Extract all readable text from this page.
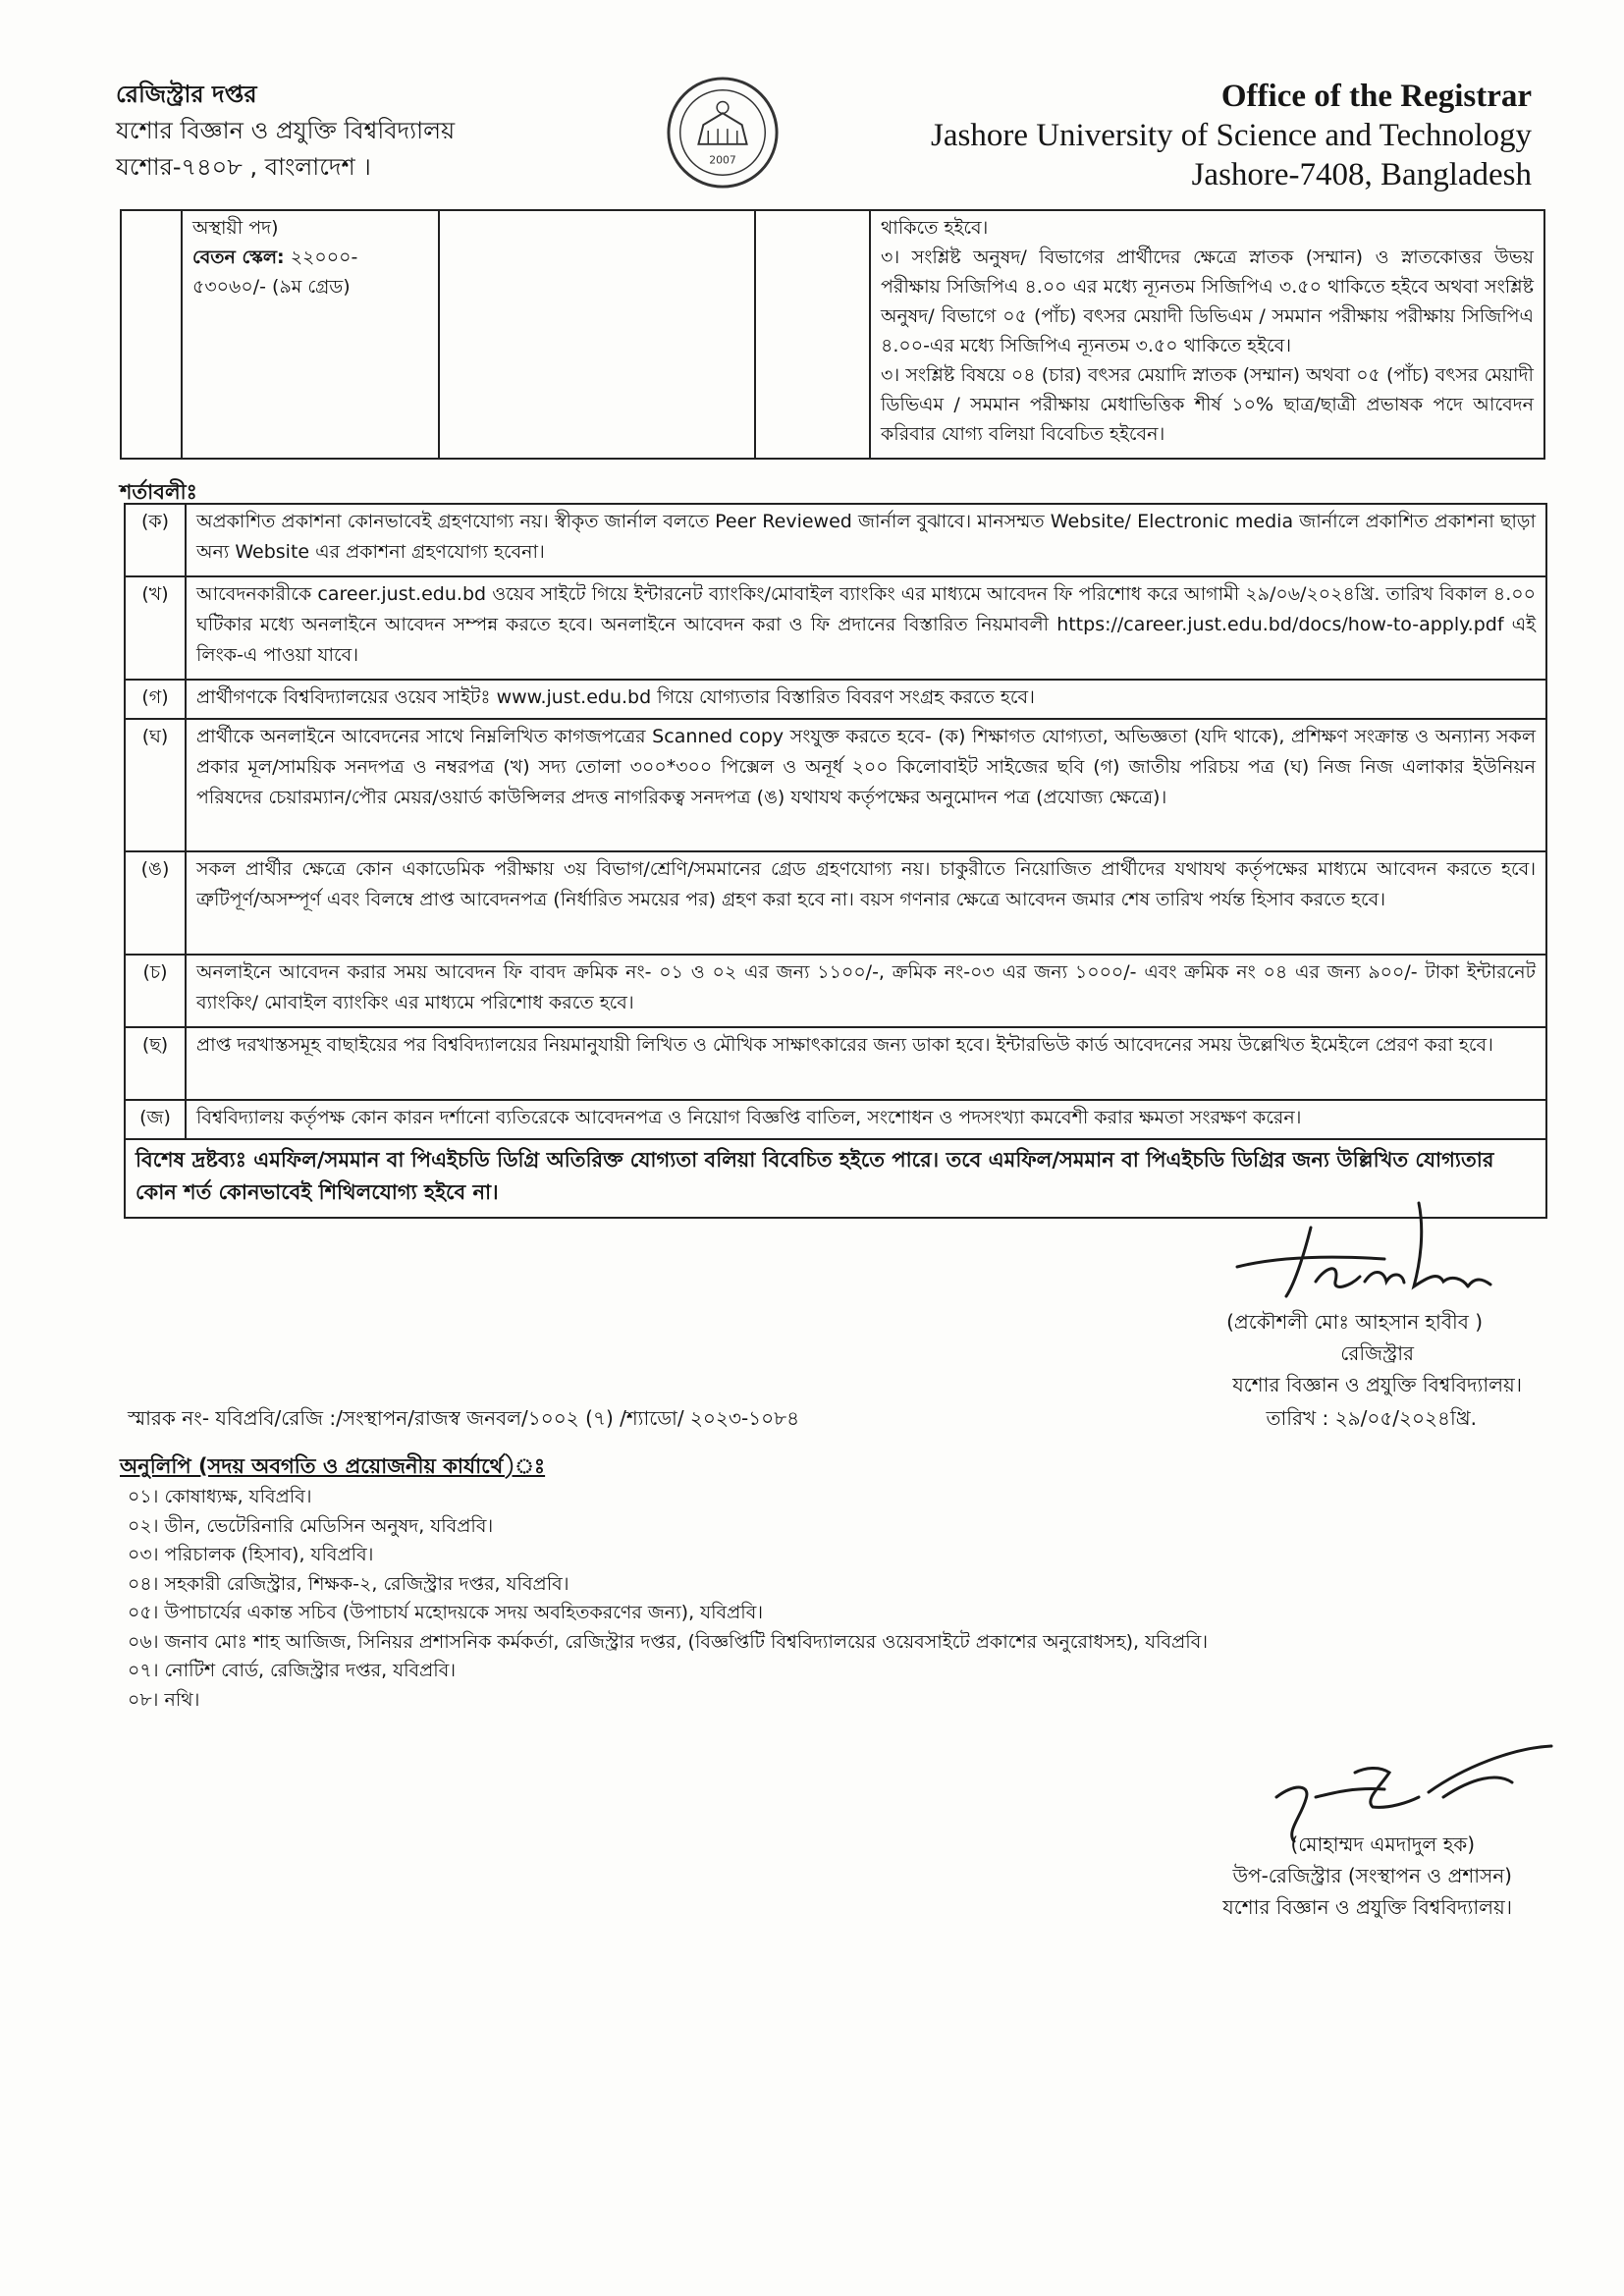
রেজিস্ট্রার দপ্তর
যশোর বিজ্ঞান ও প্রযুক্তি বিশ্ববিদ্যালয়
যশোর-৭৪০৮ , বাংলাদেশ ।	2007
Office of the Registrar
Jashore University of Science and Technology
Jashore-7408, Bangladesh

অস্থায়ী পদ)
বেতন স্কেল: ২২০০০-
৫৩০৬০/- (৯ম গ্রেড)

থাকিতে হইবে।
৩। সংশ্লিষ্ট অনুষদ/ বিভাগের প্রার্থীদের ক্ষেত্রে স্নাতক (সম্মান) ও স্নাতকোত্তর উভয় পরীক্ষায় সিজিপিএ ৪.০০ এর মধ্যে ন্যূনতম সিজিপিএ ৩.৫০ থাকিতে হইবে অথবা সংশ্লিষ্ট অনুষদ/ বিভাগে ০৫ (পাঁচ) বৎসর মেয়াদী ডিভিএম / সমমান পরীক্ষায় পরীক্ষায় সিজিপিএ ৪.০০-এর মধ্যে সিজিপিএ ন্যূনতম ৩.৫০ থাকিতে হইবে।
৩। সংশ্লিষ্ট বিষয়ে ০৪ (চার) বৎসর মেয়াদি স্নাতক (সম্মান) অথবা ০৫ (পাঁচ) বৎসর মেয়াদী ডিভিএম / সমমান পরীক্ষায় মেধাভিত্তিক শীর্ষ ১০% ছাত্র/ছাত্রী প্রভাষক পদে আবেদন করিবার যোগ্য বলিয়া বিবেচিত হইবেন।
শর্তাবলীঃ
(ক)	অপ্রকাশিত প্রকাশনা কোনভাবেই গ্রহণযোগ্য নয়। স্বীকৃত জার্নাল বলতে Peer Reviewed জার্নাল বুঝাবে। মানসম্মত Website/ Electronic media জার্নালে প্রকাশিত প্রকাশনা ছাড়া অন্য Website এর প্রকাশনা গ্রহণযোগ্য হবেনা।
(খ)	আবেদনকারীকে career.just.edu.bd ওয়েব সাইটে গিয়ে ইন্টারনেট ব্যাংকিং/মোবাইল ব্যাংকিং এর মাধ্যমে আবেদন ফি পরিশোধ করে আগামী ২৯/০৬/২০২৪খ্রি. তারিখ বিকাল ৪.০০ ঘটিকার মধ্যে অনলাইনে আবেদন সম্পন্ন করতে হবে। অনলাইনে আবেদন করা ও ফি প্রদানের বিস্তারিত নিয়মাবলী https://career.just.edu.bd/docs/how-to-apply.pdf এই লিংক-এ পাওয়া যাবে।
(গ)	প্রার্থীগণকে বিশ্ববিদ্যালয়ের ওয়েব সাইটঃ www.just.edu.bd গিয়ে যোগ্যতার বিস্তারিত বিবরণ সংগ্রহ করতে হবে।
(ঘ)	প্রার্থীকে অনলাইনে আবেদনের সাথে নিম্নলিখিত কাগজপত্রের Scanned copy সংযুক্ত করতে হবে- (ক) শিক্ষাগত যোগ্যতা, অভিজ্ঞতা (যদি থাকে), প্রশিক্ষণ সংক্রান্ত ও অন্যান্য সকল প্রকার মূল/সাময়িক সনদপত্র ও নম্বরপত্র (খ) সদ্য তোলা ৩০০*৩০০ পিক্সেল ও অনূর্ধ ২০০ কিলোবাইট সাইজের ছবি (গ) জাতীয় পরিচয় পত্র (ঘ) নিজ নিজ এলাকার ইউনিয়ন পরিষদের চেয়ারম্যান/পৌর মেয়র/ওয়ার্ড কাউন্সিলর প্রদত্ত নাগরিকত্ব সনদপত্র (ঙ) যথাযথ কর্তৃপক্ষের অনুমোদন পত্র (প্রযোজ্য ক্ষেত্রে)।
(ঙ)	সকল প্রার্থীর ক্ষেত্রে কোন একাডেমিক পরীক্ষায় ৩য় বিভাগ/শ্রেণি/সমমানের গ্রেড গ্রহণযোগ্য নয়। চাকুরীতে নিয়োজিত প্রার্থীদের যথাযথ কর্তৃপক্ষের মাধ্যমে আবেদন করতে হবে। ত্রুটিপূর্ণ/অসম্পূর্ণ এবং বিলম্বে প্রাপ্ত আবেদনপত্র (নির্ধারিত সময়ের পর) গ্রহণ করা হবে না। বয়স গণনার ক্ষেত্রে আবেদন জমার শেষ তারিখ পর্যন্ত হিসাব করতে হবে।
(চ)	অনলাইনে আবেদন করার সময় আবেদন ফি বাবদ ক্রমিক নং- ০১ ও ০২ এর জন্য ১১০০/-, ক্রমিক নং-০৩ এর জন্য ১০০০/- এবং ক্রমিক নং ০৪ এর জন্য ৯০০/- টাকা ইন্টারনেট ব্যাংকিং/ মোবাইল ব্যাংকিং এর মাধ্যমে পরিশোধ করতে হবে।
(ছ)	প্রাপ্ত দরখাস্তসমূহ বাছাইয়ের পর বিশ্ববিদ্যালয়ের নিয়মানুযায়ী লিখিত ও মৌখিক সাক্ষাৎকারের জন্য ডাকা হবে। ইন্টারভিউ কার্ড আবেদনের সময় উল্লেখিত ইমেইলে প্রেরণ করা হবে।
(জ)	বিশ্ববিদ্যালয় কর্তৃপক্ষ কোন কারন দর্শানো ব্যতিরেকে আবেদনপত্র ও নিয়োগ বিজ্ঞপ্তি বাতিল, সংশোধন ও পদসংখ্যা কমবেশী করার ক্ষমতা সংরক্ষণ করেন।
বিশেষ দ্রষ্টব্যঃ এমফিল/সমমান বা পিএইচডি ডিগ্রি অতিরিক্ত যোগ্যতা বলিয়া বিবেচিত হইতে পারে। তবে এমফিল/সমমান বা পিএইচডি ডিগ্রির জন্য উল্লিখিত যোগ্যতার কোন শর্ত কোনভাবেই শিথিলযোগ্য হইবে না।	
(প্রকৌশলী মোঃ আহসান হাবীব )
রেজিস্ট্রার
যশোর বিজ্ঞান ও প্রযুক্তি বিশ্ববিদ্যালয়।
স্মারক নং- যবিপ্রবি/রেজি :/সংস্থাপন/রাজস্ব জনবল/১০০২ (৭) /শ্যাডো/ ২০২৩-১০৮৪	তারিখ : ২৯/০৫/২০২৪খ্রি.
অনুলিপি (সদয় অবগতি ও প্রয়োজনীয় কার্যার্থে)ঃ
০১। কোষাধ্যক্ষ, যবিপ্রবি।
০২। ডীন, ভেটেরিনারি মেডিসিন অনুষদ, যবিপ্রবি।
০৩। পরিচালক (হিসাব), যবিপ্রবি।
০৪। সহকারী রেজিস্ট্রার, শিক্ষক-২, রেজিস্ট্রার দপ্তর, যবিপ্রবি।
০৫। উপাচার্যের একান্ত সচিব (উপাচার্য মহোদয়কে সদয় অবহিতকরণের জন্য), যবিপ্রবি।
০৬। জনাব মোঃ শাহ আজিজ, সিনিয়র প্রশাসনিক কর্মকর্তা, রেজিস্ট্রার দপ্তর, (বিজ্ঞপ্তিটি বিশ্ববিদ্যালয়ের ওয়েবসাইটে প্রকাশের অনুরোধসহ), যবিপ্রবি।
০৭। নোটিশ বোর্ড, রেজিস্ট্রার দপ্তর, যবিপ্রবি।
০৮। নথি।
(মোহাম্মদ এমদাদুল হক)
উপ-রেজিস্ট্রার (সংস্থাপন ও প্রশাসন)
যশোর বিজ্ঞান ও প্রযুক্তি বিশ্ববিদ্যালয়।
